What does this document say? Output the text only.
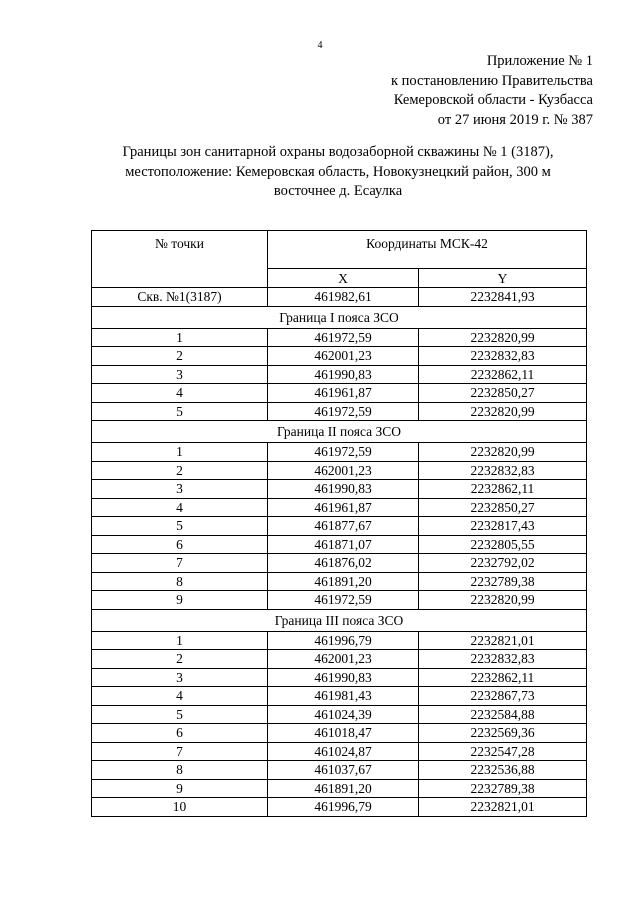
4
Приложение № 1
к постановлению Правительства
Кемеровской области - Кузбасса
от 27 июня 2019 г. № 387
Границы зон санитарной охраны водозаборной скважины № 1 (3187),
местоположение: Кемеровская область, Новокузнецкий район, 300 м
восточнее д. Есаулка
№ точки	Координаты МСК-42	
	X	Y
Скв. №1(3187)	461982,61	2232841,93
Граница I пояса ЗСО		
1	461972,59	2232820,99
2	462001,23	2232832,83
3	461990,83	2232862,11
4	461961,87	2232850,27
5	461972,59	2232820,99
Граница II пояса ЗСО		
1	461972,59	2232820,99
2	462001,23	2232832,83
3	461990,83	2232862,11
4	461961,87	2232850,27
5	461877,67	2232817,43
6	461871,07	2232805,55
7	461876,02	2232792,02
8	461891,20	2232789,38
9	461972,59	2232820,99
Граница III пояса ЗСО		
1	461996,79	2232821,01
2	462001,23	2232832,83
3	461990,83	2232862,11
4	461981,43	2232867,73
5	461024,39	2232584,88
6	461018,47	2232569,36
7	461024,87	2232547,28
8	461037,67	2232536,88
9	461891,20	2232789,38
10	461996,79	2232821,01
